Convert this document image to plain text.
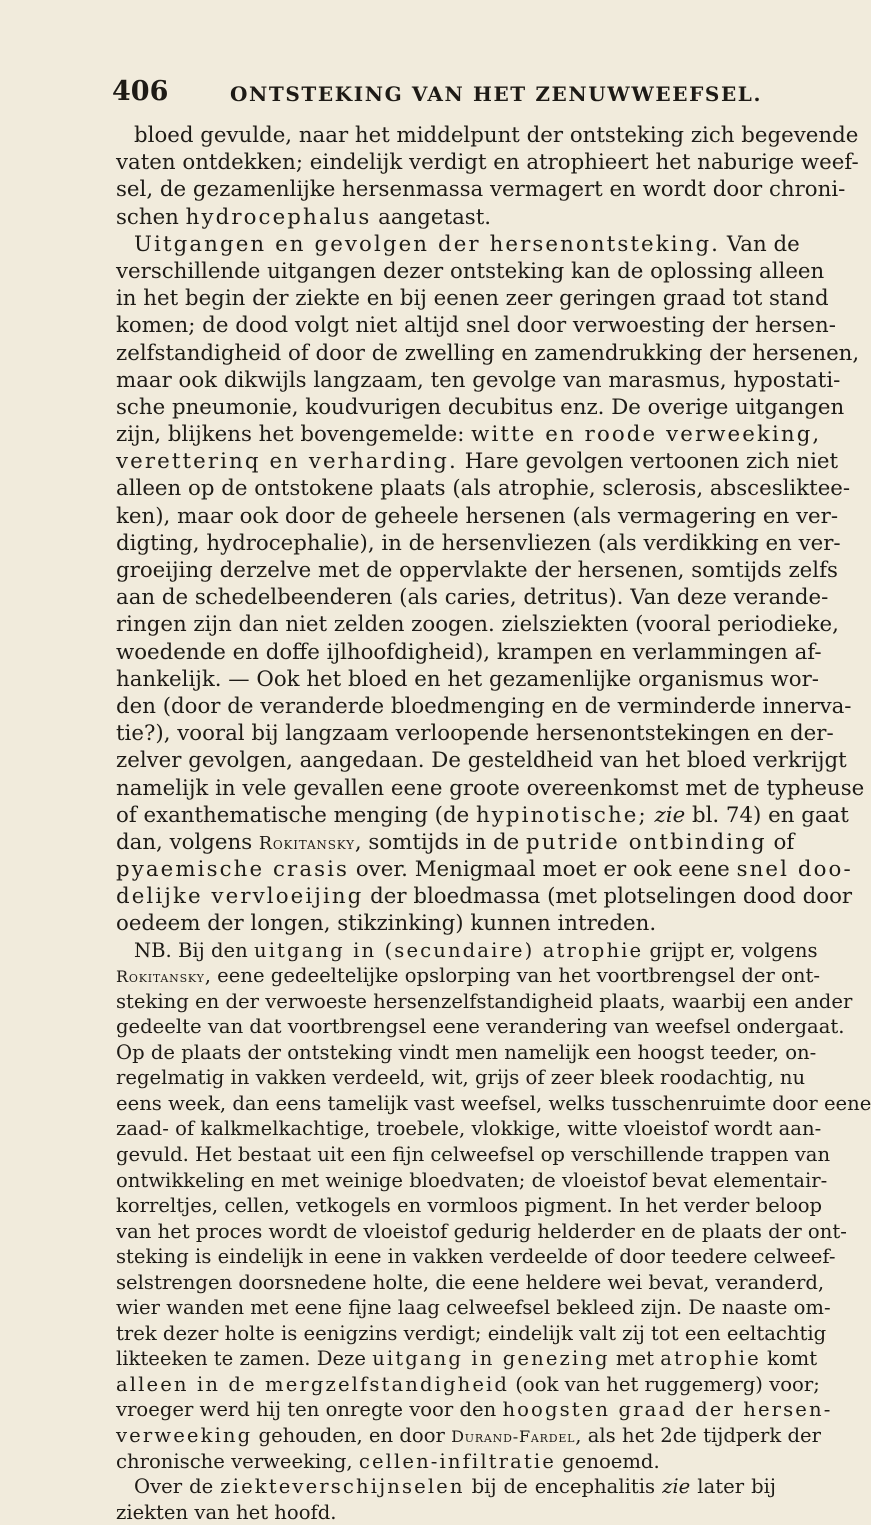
406	ONTSTEKING VAN HET ZENUWWEEFSEL.
bloed gevulde, naar het middelpunt der ontsteking zich begevende
vaten ontdekken; eindelijk verdigt en atrophieert het naburige weef-
sel, de gezamenlijke hersenmassa vermagert en wordt door chroni-
schen hydrocephalus aangetast.
Uitgangen en gevolgen der hersenontsteking. Van de
verschillende uitgangen dezer ontsteking kan de oplossing alleen
in het begin der ziekte en bij eenen zeer geringen graad tot stand
komen; de dood volgt niet altijd snel door verwoesting der hersen-
zelfstandigheid of door de zwelling en zamendrukking der hersenen,
maar ook dikwijls langzaam, ten gevolge van marasmus, hypostati-
sche pneumonie, koudvurigen decubitus enz. De overige uitgangen
zijn, blijkens het bovengemelde: witte en roode verweeking,
veretterinq en verharding. Hare gevolgen vertoonen zich niet
alleen op de ontstokene plaats (als atrophie, sclerosis, abscesliktee-
ken), maar ook door de geheele hersenen (als vermagering en ver-
digting, hydrocephalie), in de hersenvliezen (als verdikking en ver-
groeijing derzelve met de oppervlakte der hersenen, somtijds zelfs
aan de schedelbeenderen (als caries, detritus). Van deze verande-
ringen zijn dan niet zelden zoogen. zielsziekten (vooral periodieke,
woedende en doffe ijlhoofdigheid), krampen en verlammingen af-
hankelijk. — Ook het bloed en het gezamenlijke organismus wor-
den (door de veranderde bloedmenging en de verminderde innerva-
tie?), vooral bij langzaam verloopende hersenontstekingen en der-
zelver gevolgen, aangedaan. De gesteldheid van het bloed verkrijgt
namelijk in vele gevallen eene groote overeenkomst met de typheuse
of exanthematische menging (de hypinotische; zie bl. 74) en gaat
dan, volgens Rokitansky, somtijds in de putride ontbinding of
pyaemische crasis over. Menigmaal moet er ook eene snel doo-
delijke vervloeijing der bloedmassa (met plotselingen dood door
oedeem der longen, stikzinking) kunnen intreden.
NB. Bij den uitgang in (secundaire) atrophie grijpt er, volgens
Rokitansky, eene gedeeltelijke opslorping van het voortbrengsel der ont-
steking en der verwoeste hersenzelfstandigheid plaats, waarbij een ander
gedeelte van dat voortbrengsel eene verandering van weefsel ondergaat.
Op de plaats der ontsteking vindt men namelijk een hoogst teeder, on-
regelmatig in vakken verdeeld, wit, grijs of zeer bleek roodachtig, nu
eens week, dan eens tamelijk vast weefsel, welks tusschenruimte door eene
zaad- of kalkmelkachtige, troebele, vlokkige, witte vloeistof wordt aan-
gevuld. Het bestaat uit een fijn celweefsel op verschillende trappen van
ontwikkeling en met weinige bloedvaten; de vloeistof bevat elementair-
korreltjes, cellen, vetkogels en vormloos pigment. In het verder beloop
van het proces wordt de vloeistof gedurig helderder en de plaats der ont-
steking is eindelijk in eene in vakken verdeelde of door teedere celweef-
selstrengen doorsnedene holte, die eene heldere wei bevat, veranderd,
wier wanden met eene fijne laag celweefsel bekleed zijn. De naaste om-
trek dezer holte is eenigzins verdigt; eindelijk valt zij tot een eeltachtig
likteeken te zamen. Deze uitgang in genezing met atrophie komt
alleen in de mergzelfstandigheid (ook van het ruggemerg) voor;
vroeger werd hij ten onregte voor den hoogsten graad der hersen-
verweeking gehouden, en door Durand-Fardel, als het 2de tijdperk der
chronische verweeking, cellen-infiltratie genoemd.
Over de ziekteverschijnselen bij de encephalitis zie later bij
ziekten van het hoofd.
